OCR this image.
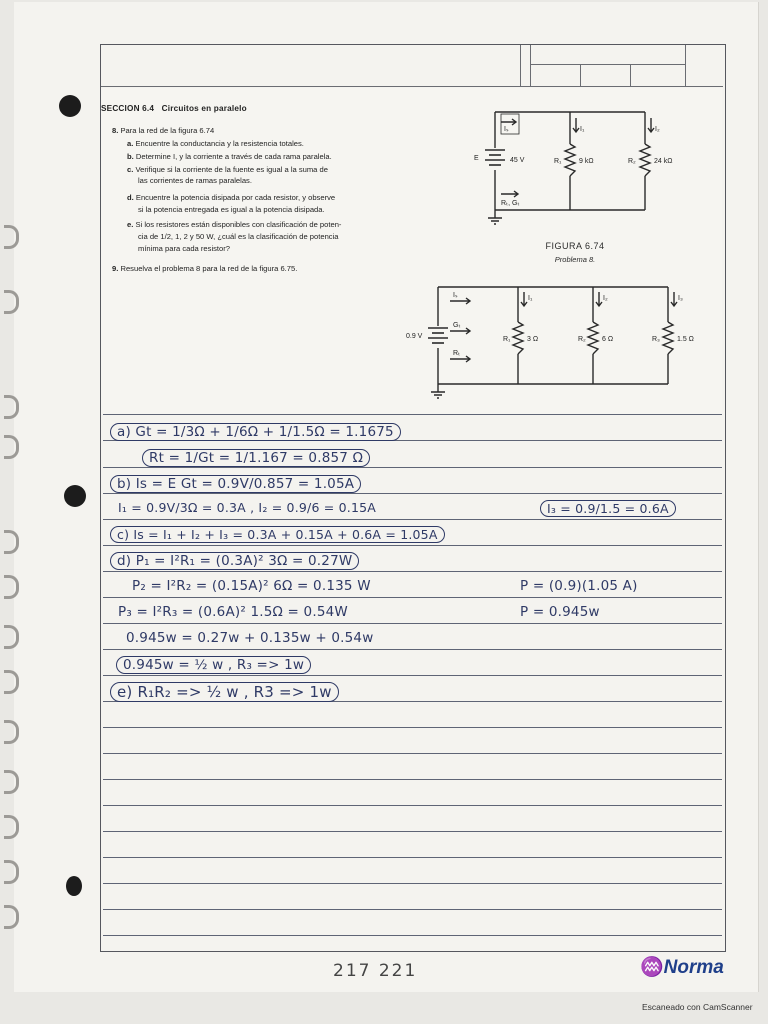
SECCION 6.4 Circuitos en paralelo
8. Para la red de la figura 6.74
a. Encuentre la conductancia y la resistencia totales.
b. Determine I, y la corriente a través de cada rama paralela.
c. Verifique si la corriente de la fuente es igual a la suma de
las corrientes de ramas paralelas.
d. Encuentre la potencia disipada por cada resistor, y observe
si la potencia entregada es igual a la potencia disipada.
e. Si los resistores están disponibles con clasificación de poten-
cia de 1/2, 1, 2 y 50 W, ¿cuál es la clasificación de potencia
mínima para cada resistor?
9. Resuelva el problema 8 para la red de la figura 6.75.
E	45 V	R₁	9 kΩ	R₂	24 kΩ
Iₛ	I₁	I₂
Rₜ, Gₜ
FIGURA 6.74
Problema 8.
0.9 V
Iₛ
Gₜ
Rₜ
R₁ 3 Ω	R₂ 6 Ω	R₃ 1.5 Ω
I₁	I₂	I₃
a) Gt = 1/3Ω + 1/6Ω + 1/1.5Ω = 1.1675
Rt = 1/Gt = 1/1.167 = 0.857 Ω
b) Is = E Gt = 0.9V/0.857 = 1.05A
I₁ = 0.9V/3Ω = 0.3A , I₂ = 0.9/6 = 0.15A	I₃ = 0.9/1.5 = 0.6A
c) Is = I₁ + I₂ + I₃ = 0.3A + 0.15A + 0.6A = 1.05A
d) P₁ = I²R₁ = (0.3A)² 3Ω = 0.27W
P₂ = I²R₂ = (0.15A)² 6Ω = 0.135 W	P = (0.9)(1.05 A)
P₃ = I²R₃ = (0.6A)² 1.5Ω = 0.54W	P = 0.945w
0.945w = 0.27w + 0.135w + 0.54w
0.945w = ½ w , R₃ => 1w
e) R₁R₂ => ½ w , R3 => 1w
217 221	♒Norma
Escaneado con CamScanner
